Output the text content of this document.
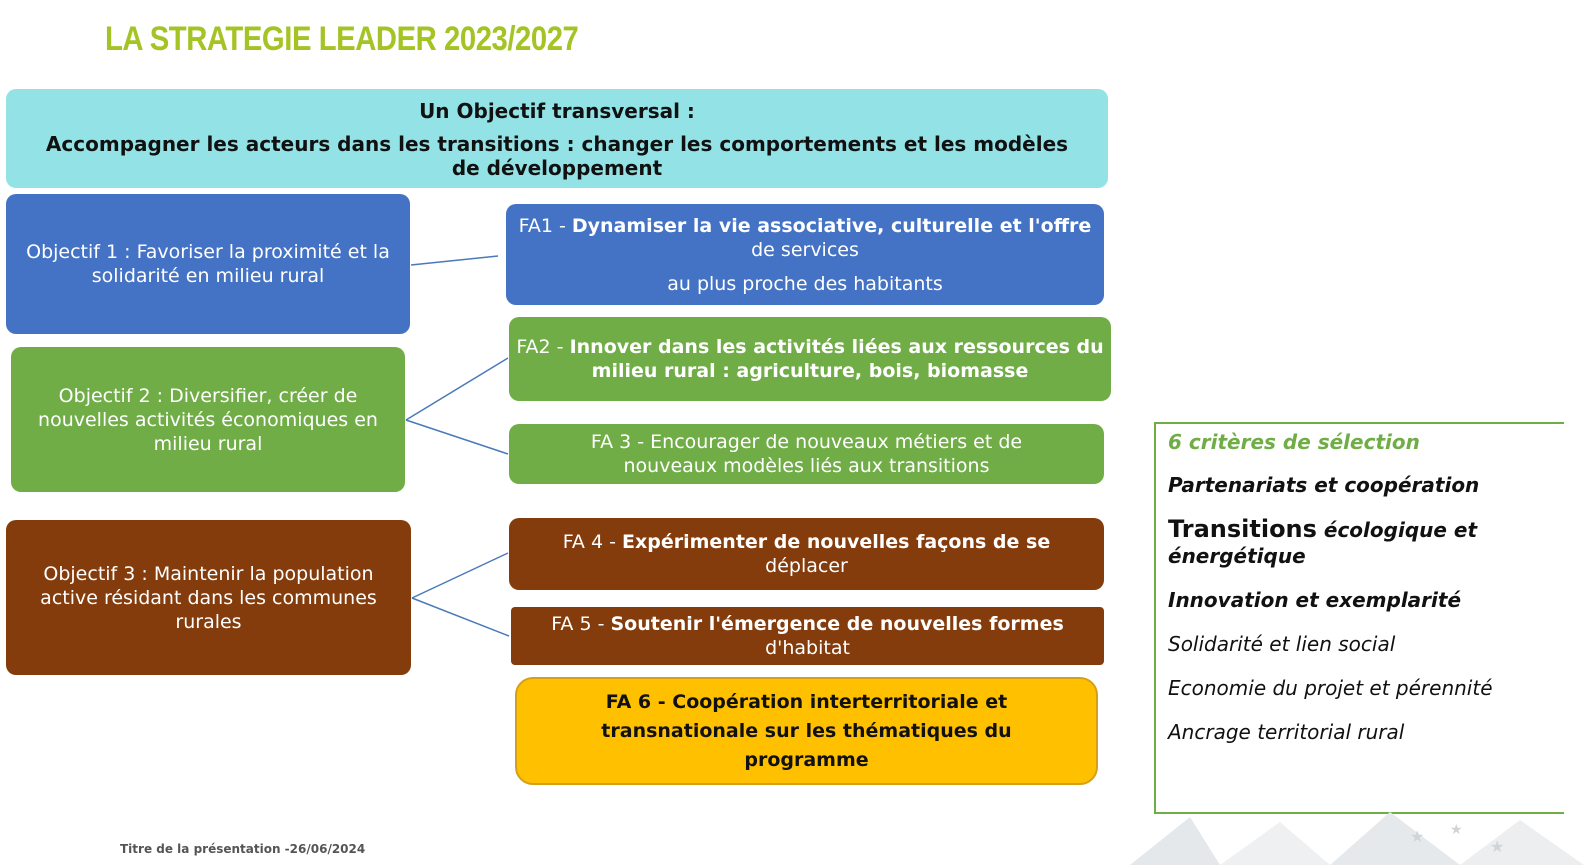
LA STRATEGIE LEADER 2023/2027
Un Objectif transversal :
Accompagner les acteurs dans les transitions : changer les comportements et les modèles de développement
Objectif 1 : Favoriser la proximité et la solidarité en milieu rural
Objectif 2 : Diversifier, créer de nouvelles activités économiques en milieu rural
Objectif 3 : Maintenir la population active résidant dans les communes rurales
FA1 - Dynamiser la vie associative, culturelle et l'offre
de services
au plus proche des habitants
FA2 - Innover dans les activités liées aux ressources du milieu rural : agriculture, bois, biomasse
FA 3 - Encourager de nouveaux métiers et de nouveaux modèles liés aux transitions
FA 4 - Expérimenter de nouvelles façons de se
déplacer
FA 5 - Soutenir l'émergence de nouvelles formes
d'habitat
FA 6 - Coopération interterritoriale et transnationale sur les thématiques du programme
6 critères de sélection
Partenariats et coopération
Transitions écologique et énergétique
Innovation et exemplarité
Solidarité et lien social
Economie du projet et pérennité
Ancrage territorial rural
★ ★
★
Titre de la présentation -26/06/2024
